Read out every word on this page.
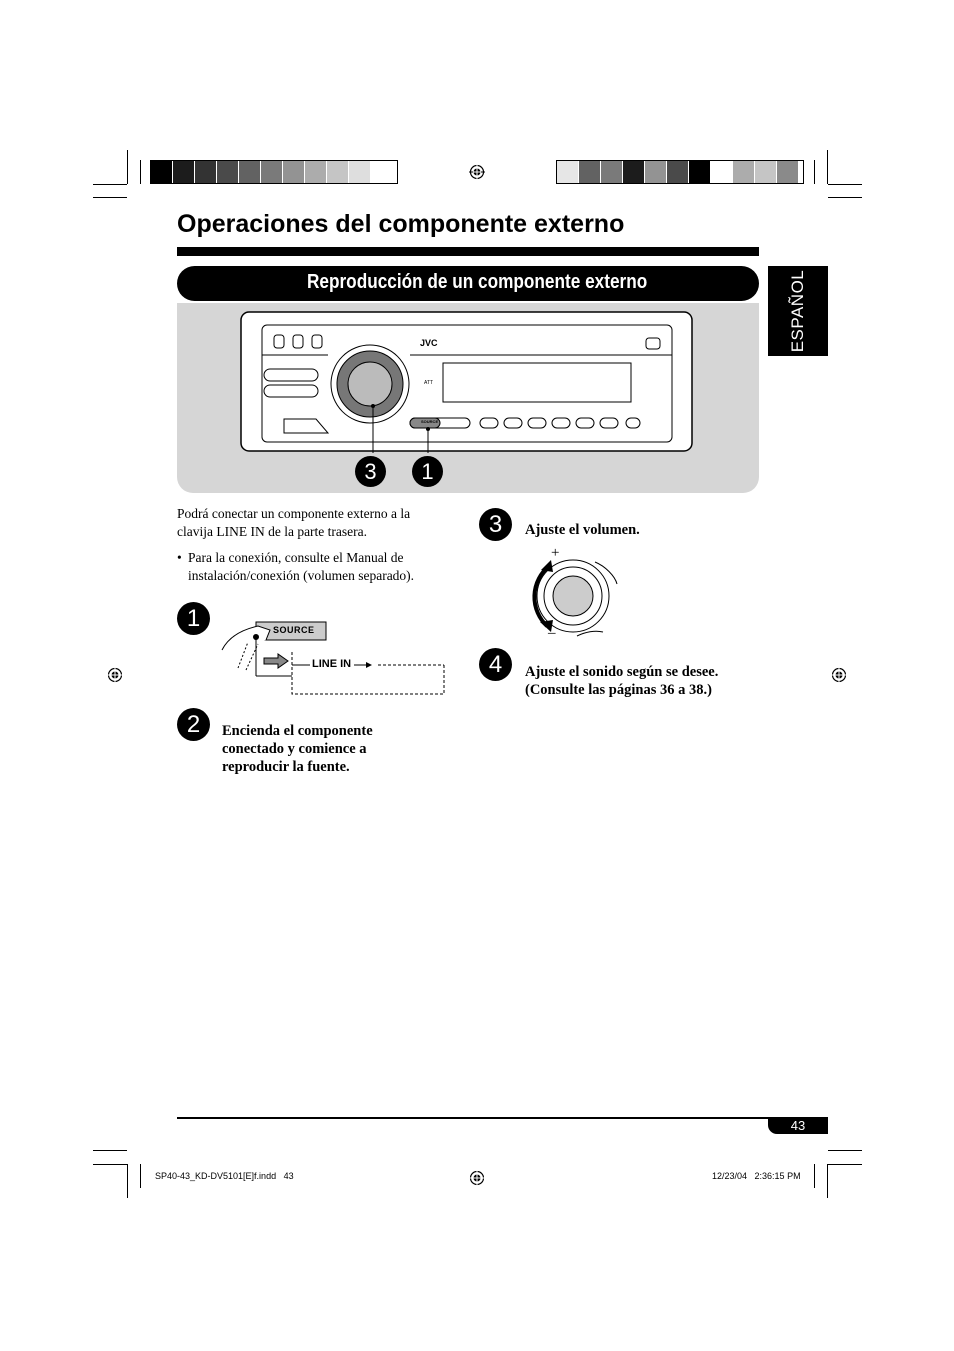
Operaciones del componente externo
Reproducción de un componente externo	ESPAÑOL
JVC
ATT
SOURCE
3	1
Podrá conectar un componente externo a la clavija LINE IN de la parte trasera.
• Para la conexión, consulte el Manual de instalación/conexión (volumen separado).
1	SOURCE
LINE IN
2	Encienda el componente conectado y comience a reproducir la fuente.
3	Ajuste el volumen.
+
–
4	Ajuste el sonido según se desee. (Consulte las páginas 36 a 38.)
43
SP40-43_KD-DV5101[E]f.indd   43	12/23/04   2:36:15 PM
